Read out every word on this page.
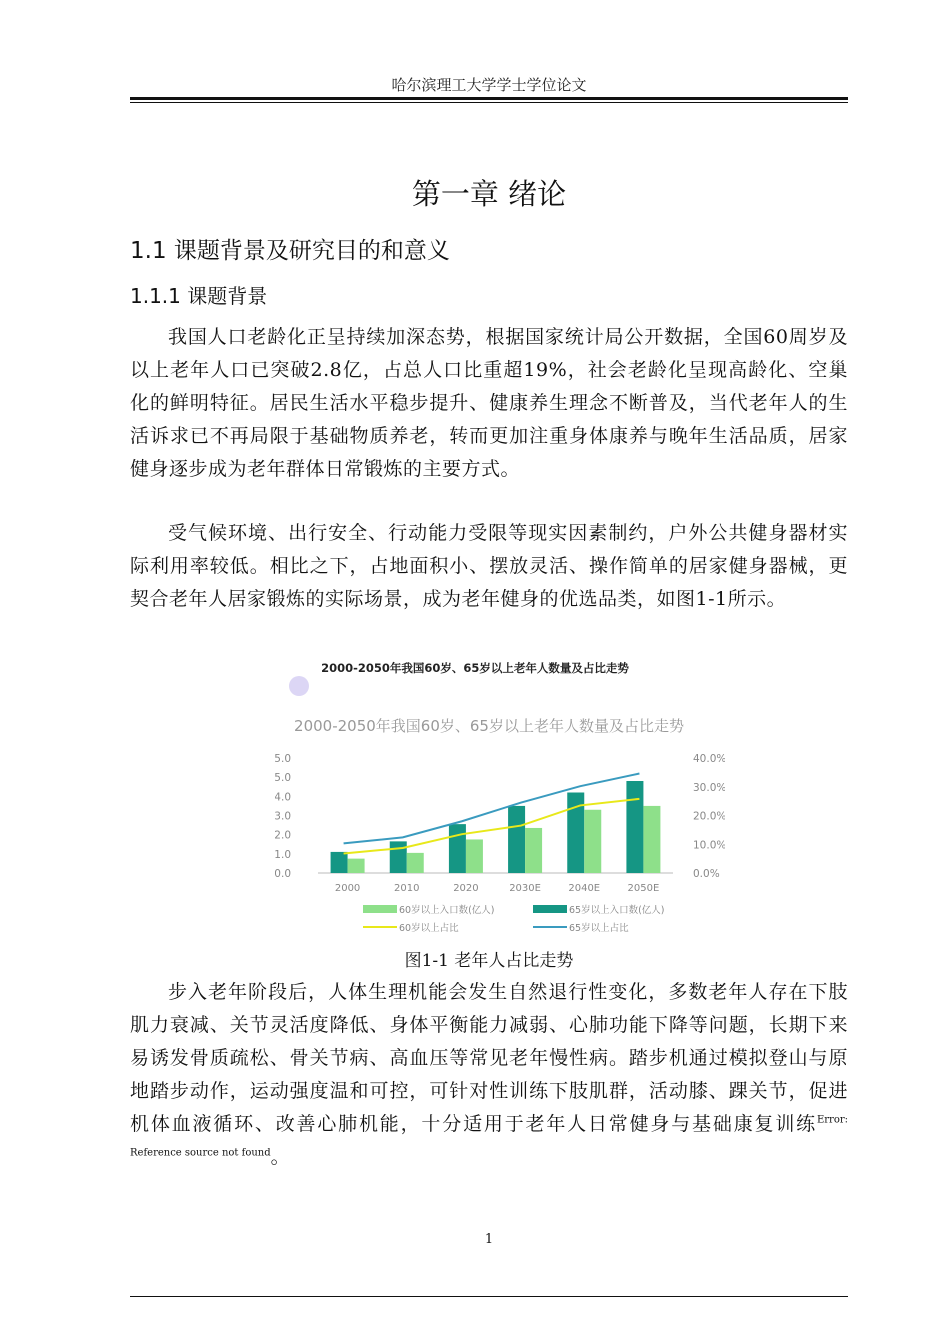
哈尔滨理工大学学士学位论文
第一章 绪论
1.1 课题背景及研究目的和意义
1.1.1 课题背景

我国人口老龄化正呈持续加深态势，根据国家统计局公开数据，全国60周岁及以上老年人口已突破2.8亿，占总人口比重超19%，社会老龄化呈现高龄化、空巢化的鲜明特征。居民生活水平稳步提升、健康养生理念不断普及，当代老年人的生活诉求已不再局限于基础物质养老，转而更加注重身体康养与晚年生活品质，居家健身逐步成为老年群体日常锻炼的主要方式。

受气候环境、出行安全、行动能力受限等现实因素制约，户外公共健身器材实际利用率较低。相比之下，占地面积小、摆放灵活、操作简单的居家健身器械，更契合老年人居家锻炼的实际场景，成为老年健身的优选品类，如图1-1所示。

2000-2050年我国60岁、65岁以上老年人数量及占比走势
2000-2050年我国60岁、65岁以上老年人数量及占比走势
0.0
1.0
2.0
3.0
4.0
5.0
5.0
0.0%
10.0%
20.0%
30.0%
40.0%
2000	2010	2020	2030E	2040E	2050E
60岁以上入口数(亿人)	65岁以上入口数(亿人)
60岁以上占比	65岁以上占比
图1-1 老年人占比走势

步入老年阶段后，人体生理机能会发生自然退行性变化，多数老年人存在下肢肌力衰减、关节灵活度降低、身体平衡能力减弱、心肺功能下降等问题，长期下来易诱发骨质疏松、骨关节病、高血压等常见老年慢性病。踏步机通过模拟登山与原地踏步动作，运动强度温和可控，可针对性训练下肢肌群，活动膝、踝关节，促进机体血液循环、改善心肺机能，十分适用于老年人日常健身与基础康复训练$^{Error: Reference source not found}$。

1
